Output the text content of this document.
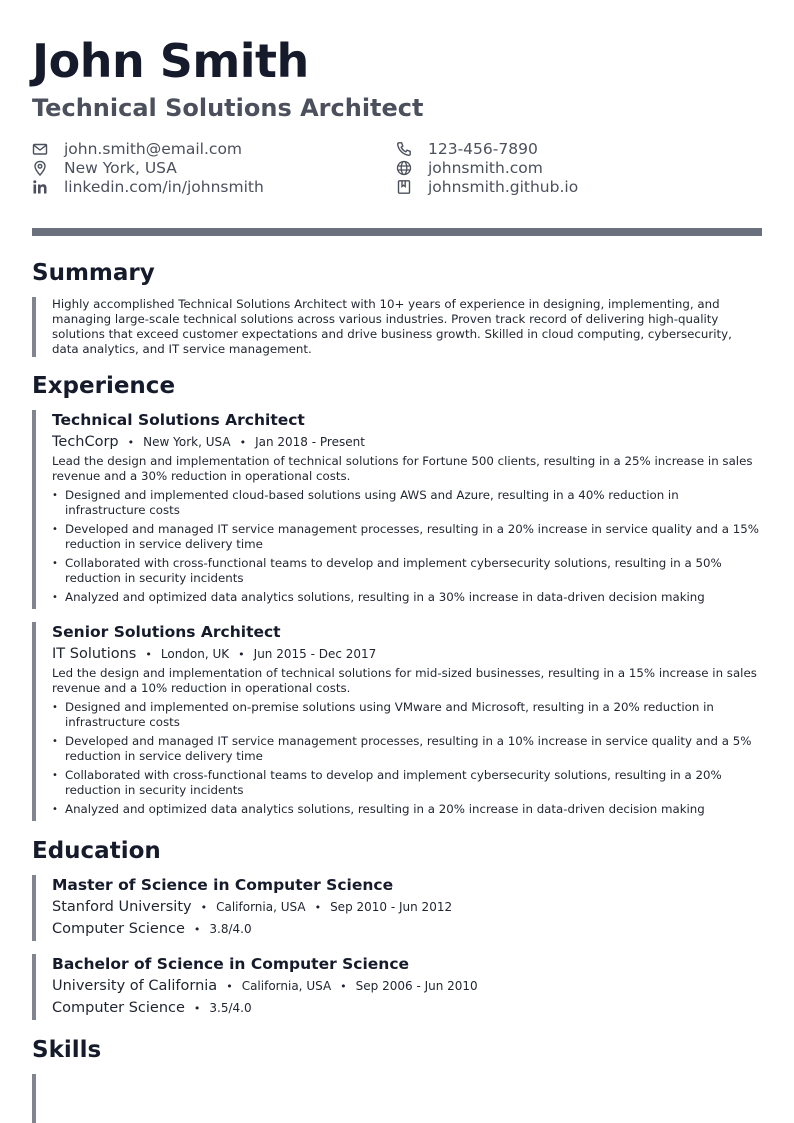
John Smith
Technical Solutions Architect
john.smith@email.com	123-456-7890
New York, USA	johnsmith.com
linkedin.com/in/johnsmith	johnsmith.github.io
Summary
Highly accomplished Technical Solutions Architect with 10+ years of experience in designing, implementing, and managing large-scale technical solutions across various industries. Proven track record of delivering high-quality solutions that exceed customer expectations and drive business growth. Skilled in cloud computing, cybersecurity, data analytics, and IT service management.
Experience
Technical Solutions Architect
TechCorp • New York, USA • Jan 2018 - Present
Lead the design and implementation of technical solutions for Fortune 500 clients, resulting in a 25% increase in sales revenue and a 30% reduction in operational costs.
• Designed and implemented cloud-based solutions using AWS and Azure, resulting in a 40% reduction in infrastructure costs
• Developed and managed IT service management processes, resulting in a 20% increase in service quality and a 15% reduction in service delivery time
• Collaborated with cross-functional teams to develop and implement cybersecurity solutions, resulting in a 50% reduction in security incidents
• Analyzed and optimized data analytics solutions, resulting in a 30% increase in data-driven decision making
Senior Solutions Architect
IT Solutions • London, UK • Jun 2015 - Dec 2017
Led the design and implementation of technical solutions for mid-sized businesses, resulting in a 15% increase in sales revenue and a 10% reduction in operational costs.
• Designed and implemented on-premise solutions using VMware and Microsoft, resulting in a 20% reduction in infrastructure costs
• Developed and managed IT service management processes, resulting in a 10% increase in service quality and a 5% reduction in service delivery time
• Collaborated with cross-functional teams to develop and implement cybersecurity solutions, resulting in a 20% reduction in security incidents
• Analyzed and optimized data analytics solutions, resulting in a 20% increase in data-driven decision making
Education
Master of Science in Computer Science
Stanford University • California, USA • Sep 2010 - Jun 2012
Computer Science • 3.8/4.0
Bachelor of Science in Computer Science
University of California • California, USA • Sep 2006 - Jun 2010
Computer Science • 3.5/4.0
Skills
